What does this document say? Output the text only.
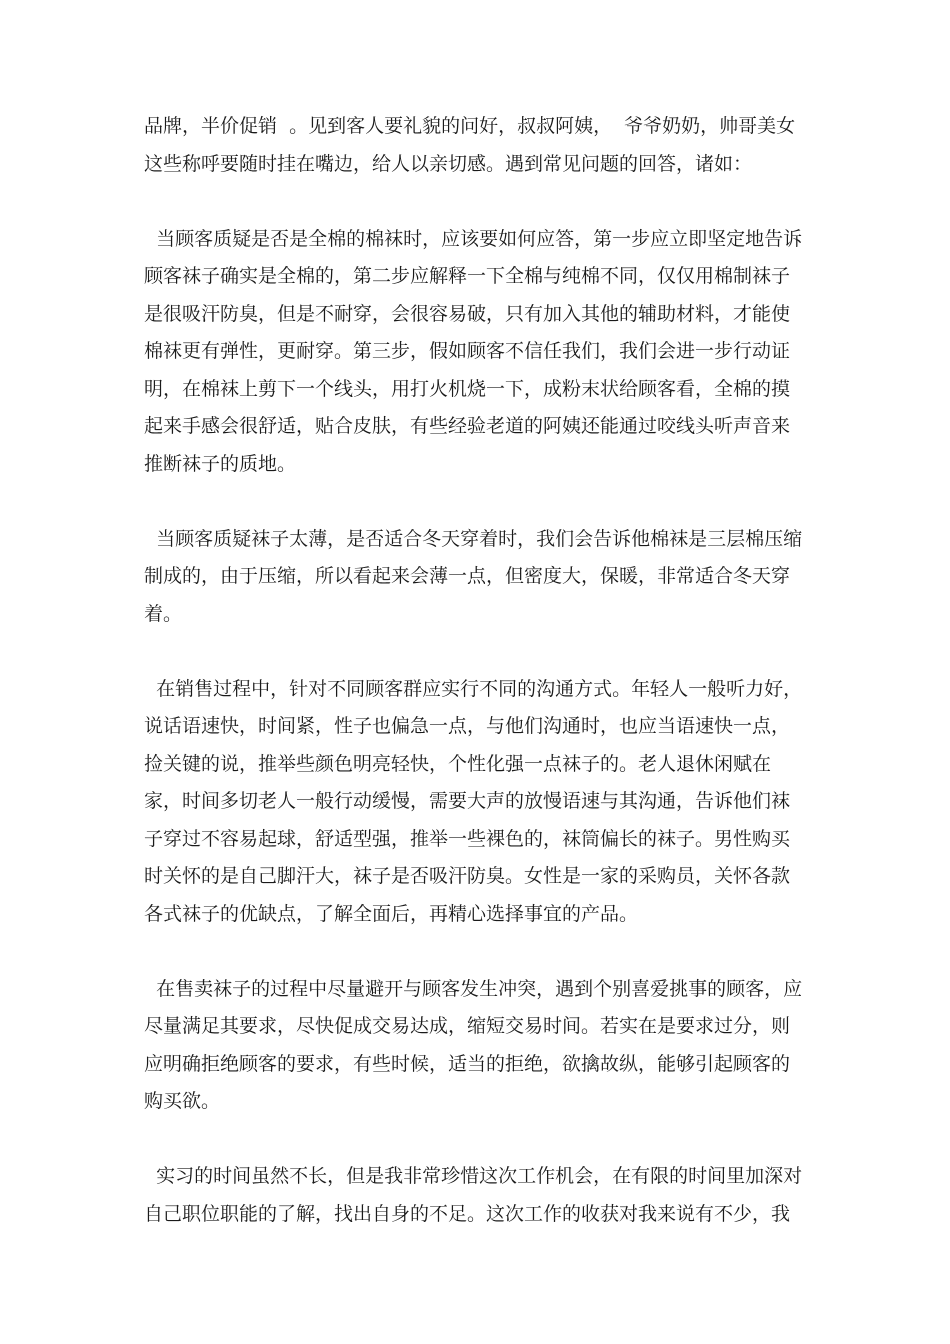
品牌，半价促销  。见到客人要礼貌的问好，叔叔阿姨，  爷爷奶奶，帅哥美女这些称呼要随时挂在嘴边，给人以亲切感。遇到常见问题的回答，诸如：

当顾客质疑是否是全棉的棉袜时，应该要如何应答，第一步应立即坚定地告诉顾客袜子确实是全棉的，第二步应解释一下全棉与纯棉不同，仅仅用棉制袜子是很吸汗防臭，但是不耐穿，会很容易破，只有加入其他的辅助材料，才能使棉袜更有弹性，更耐穿。第三步，假如顾客不信任我们，我们会进一步行动证明，在棉袜上剪下一个线头，用打火机烧一下，成粉末状给顾客看，全棉的摸起来手感会很舒适，贴合皮肤，有些经验老道的阿姨还能通过咬线头听声音来推断袜子的质地。

当顾客质疑袜子太薄，是否适合冬天穿着时，我们会告诉他棉袜是三层棉压缩制成的，由于压缩，所以看起来会薄一点，但密度大，保暖，非常适合冬天穿着。

在销售过程中，针对不同顾客群应实行不同的沟通方式。年轻人一般听力好，说话语速快，时间紧，性子也偏急一点，与他们沟通时，也应当语速快一点，捡关键的说，推举些颜色明亮轻快，个性化强一点袜子的。老人退休闲赋在家，时间多切老人一般行动缓慢，需要大声的放慢语速与其沟通，告诉他们袜子穿过不容易起球，舒适型强，推举一些裸色的，袜筒偏长的袜子。男性购买时关怀的是自己脚汗大，袜子是否吸汗防臭。女性是一家的采购员，关怀各款各式袜子的优缺点，了解全面后，再精心选择事宜的产品。

在售卖袜子的过程中尽量避开与顾客发生冲突，遇到个别喜爱挑事的顾客，应尽量满足其要求，尽快促成交易达成，缩短交易时间。若实在是要求过分，则应明确拒绝顾客的要求，有些时候，适当的拒绝，欲擒故纵，能够引起顾客的购买欲。

实习的时间虽然不长，但是我非常珍惜这次工作机会，在有限的时间里加深对自己职位职能的了解，找出自身的不足。这次工作的收获对我来说有不少，我
